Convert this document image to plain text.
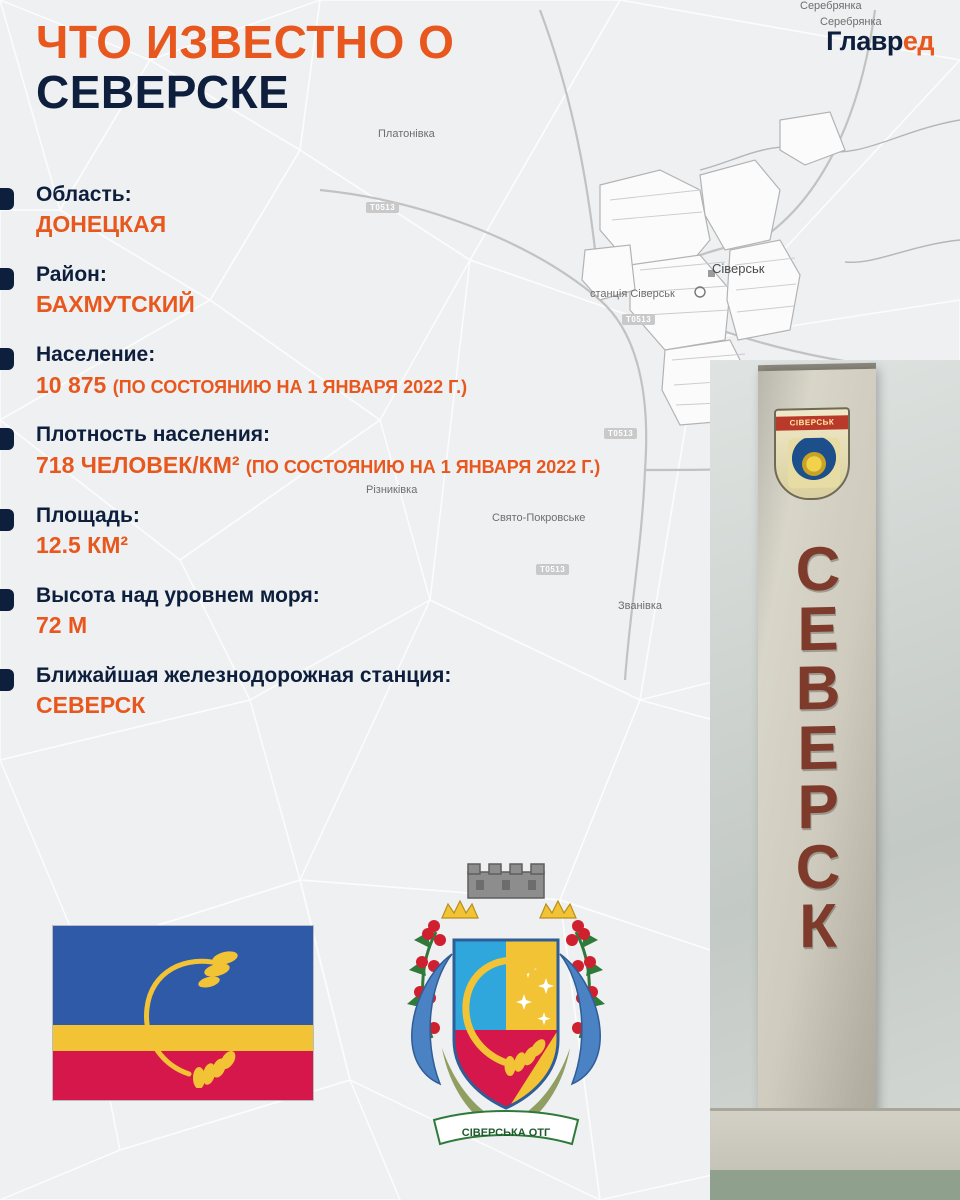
Серебрянка
Серебрянка
Платонівка
Сіверськ
станція Сіверськ
Різниківка
Свято-Покровське
Званівка
T0513
T0513
T0513
T0513
СІВЕРСЬК
С
Е
В
Е
Р
С
К
Главред
ЧТО ИЗВЕСТНО О
СЕВЕРСКЕ
Область:
ДОНЕЦКАЯ
Район:
БАХМУТСКИЙ
Население:
10 875 (ПО СОСТОЯНИЮ НА 1 ЯНВАРЯ 2022 Г.)
Плотность населения:
718 ЧЕЛОВЕК/КМ² (ПО СОСТОЯНИЮ НА 1 ЯНВАРЯ 2022 Г.)
Площадь:
12.5 КМ²
Высота над уровнем моря:
72 М
Ближайшая железнодорожная станция:
СЕВЕРСК
СІВЕРСЬКА ОТГ
